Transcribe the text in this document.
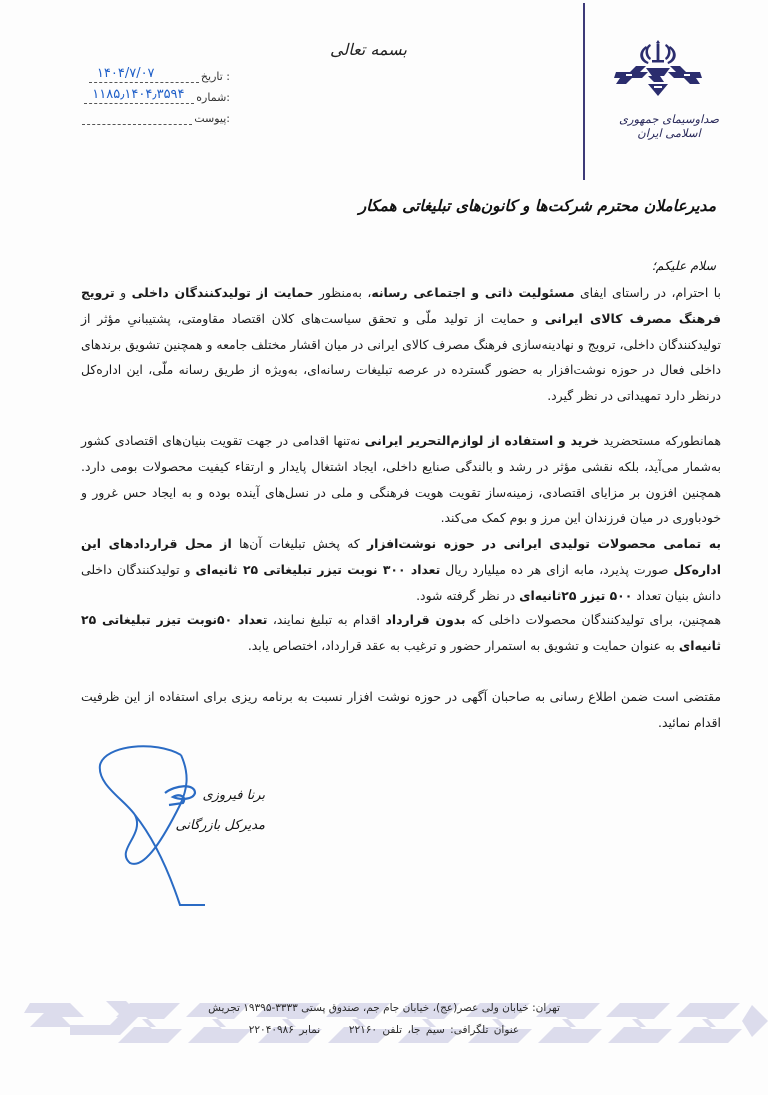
صداوسیمای جمهوری اسلامی ایران
بسمه تعالی
: تاریخ
۱۴۰۴/۷/۰۷
:شماره
۱۱۸۵٫۱۴۰۴٫۳۵۹۴
:پیوست
مدیرعاملان محترم شرکت‌ها و کانون‌های تبلیغاتی همکار
سلام علیکم؛
با احترام، در راستای ایفای مسئولیت ذاتی و اجتماعی رسانه، به‌منظور حمایت از تولیدکنندگان داخلی و ترویج فرهنگ مصرف کالای ایرانی و حمایت از تولید ملّی و تحقق سیاست‌های کلان اقتصاد مقاومتی، پشتیبانیِ مؤثر از تولیدکنندگان داخلی، ترویج و نهادینه‌سازی فرهنگ مصرف کالای ایرانی در میان اقشار مختلف جامعه و همچنین تشویق برندهای داخلی فعال در حوزه نوشت‌افزار به حضور گسترده در عرصه تبلیغات رسانه‌ای، به‌ویژه از طریق رسانه ملّی، این اداره‌کل درنظر دارد تمهیداتی در نظر گیرد.
همانطورکه مستحضرید خرید و استفاده از لوازم‌التحریر ایرانی نه‌تنها اقدامی در جهت تقویت بنیان‌های اقتصادی کشور به‌شمار می‌آید، بلکه نقشی مؤثر در رشد و بالندگی صنایع داخلی، ایجاد اشتغال پایدار و ارتقاء کیفیت محصولات بومی دارد. همچنین افزون بر مزایای اقتصادی، زمینه‌ساز تقویت هویت فرهنگی و ملی در نسل‌های آینده بوده و به ایجاد حس غرور و خودباوری در میان فرزندان این مرز و بوم کمک می‌کند.
به تمامی محصولات تولیدی ایرانی در حوزه نوشت‌افزار که پخش تبلیغات آن‌ها از محل قراردادهای این اداره‌کل صورت پذیرد، مابه ازای هر ده میلیارد ریال تعداد ۳۰۰ نوبت تیزر تبلیغاتی ۲۵ ثانیه‌ای و تولیدکنندگان داخلی دانش بنیان تعداد ۵۰۰ تیزر ۲۵ثانیه‌ای در نظر گرفته شود.
همچنین، برای تولیدکنندگان محصولات داخلی که بدون قرارداد اقدام به تبلیغ نمایند، تعداد ۵۰نوبت تیزر تبلیغاتی ۲۵ ثانیه‌ای به عنوان حمایت و تشویق به استمرار حضور و ترغیب به عقد قرارداد، اختصاص یابد.
مقتضی است ضمن اطلاع رسانی به صاحبان آگهی در حوزه نوشت افزار نسبت به برنامه ریزی برای استفاده از این ظرفیت اقدام نمائید.
برنا فیروزی
مدیرکل بازرگانی
تهران: خیابان ولی عصر(عج)، خیابان جام جم، صندوق پستی ۳۳۳۳-۱۹۳۹۵ تجریش
عنوان تلگرافی: سیم جا، تلفن ۲۲۱۶۰  نمابر ۲۲۰۴۰۹۸۶
